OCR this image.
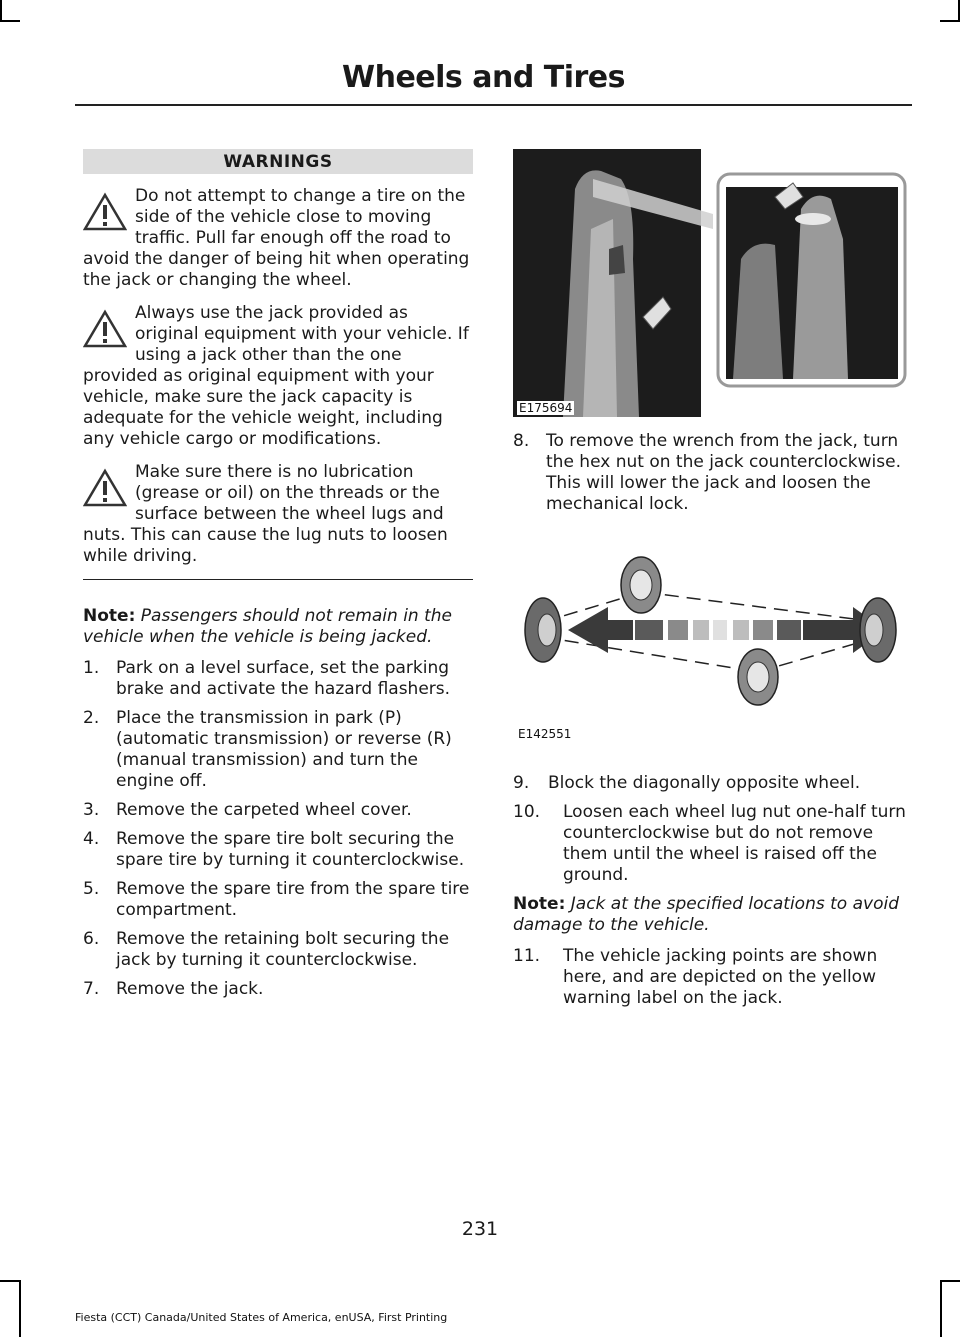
Wheels and Tires
WARNINGS
Do not attempt to change a tire on the side of the vehicle close to moving traffic. Pull far enough off the road to avoid the danger of being hit when operating the jack or changing the wheel.
Always use the jack provided as original equipment with your vehicle. If using a jack other than the one provided as original equipment with your vehicle, make sure the jack capacity is adequate for the vehicle weight, including any vehicle cargo or modifications.
Make sure there is no lubrication (grease or oil) on the threads or the surface between the wheel lugs and nuts. This can cause the lug nuts to loosen while driving.
Note: Passengers should not remain in the vehicle when the vehicle is being jacked.
1. Park on a level surface, set the parking brake and activate the hazard flashers.
2. Place the transmission in park (P) (automatic transmission) or reverse (R) (manual transmission) and turn the engine off.
3. Remove the carpeted wheel cover.
4. Remove the spare tire bolt securing the spare tire by turning it counterclockwise.
5. Remove the spare tire from the spare tire compartment.
6. Remove the retaining bolt securing the jack by turning it counterclockwise.
7. Remove the jack.
E175694
8. To remove the wrench from the jack, turn the hex nut on the jack counterclockwise. This will lower the jack and loosen the mechanical lock.
E142551
9. Block the diagonally opposite wheel.
10. Loosen each wheel lug nut one-half turn counterclockwise but do not remove them until the wheel is raised off the ground.
Note: Jack at the specified locations to avoid damage to the vehicle.
11. The vehicle jacking points are shown here, and are depicted on the yellow warning label on the jack.
231
Fiesta (CCT) Canada/United States of America, enUSA, First Printing
